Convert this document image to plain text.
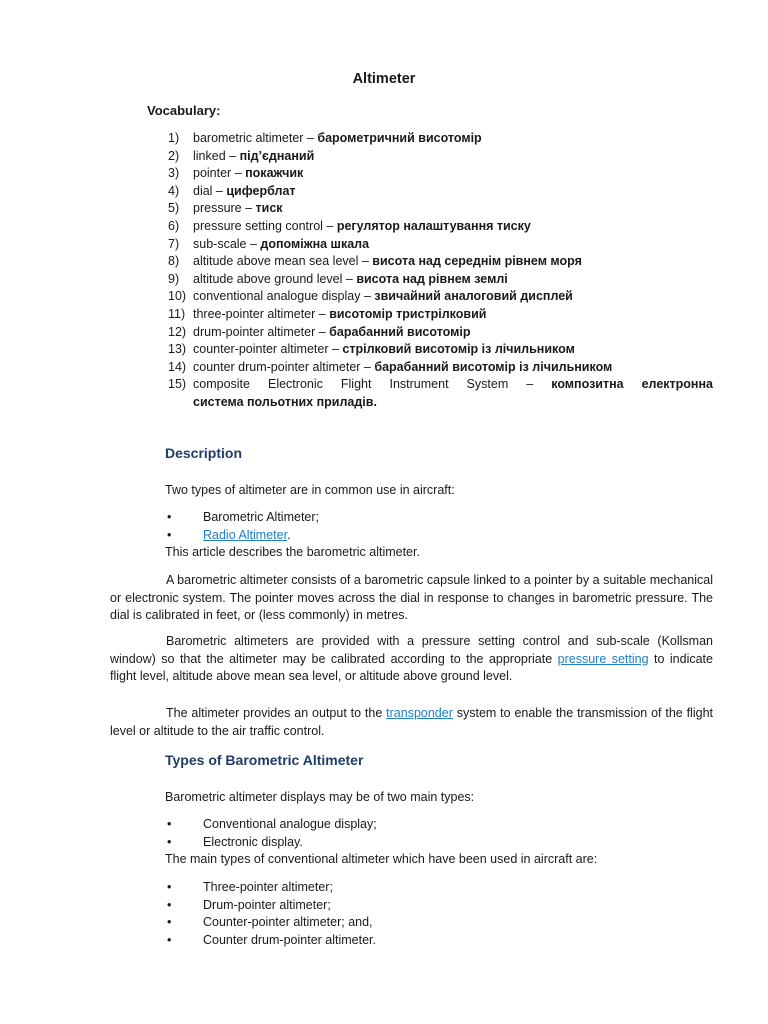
Altimeter
Vocabulary:
1)	barometric altimeter – барометричний висотомір
2)	linked – під’єднаний
3)	pointer – покажчик
4)	dial – циферблат
5)	pressure – тиск
6)	pressure setting control – регулятор налаштування тиску
7)	sub-scale – допоміжна шкала
8)	altitude above mean sea level – висота над середнім рівнем моря
9)	altitude above ground level – висота над рівнем землі
10) conventional analogue display – звичайний аналоговий дисплей
11) three-pointer altimeter – висотомір тристрілковий
12) drum-pointer altimeter – барабанний висотомір
13) counter-pointer altimeter – стрілковий висотомір із лічильником
14) counter drum-pointer altimeter – барабанний висотомір із лічильником
15) composite Electronic Flight Instrument System – композитна електронна
система польотних приладів.
Description

Two types of altimeter are in common use in aircraft:

•	Barometric Altimeter;
•	Radio Altimeter.

This article describes the barometric altimeter.

A barometric altimeter consists of a barometric capsule linked to a pointer by a suitable mechanical or electronic system. The pointer moves across the dial in response to changes in barometric pressure. The dial is calibrated in feet, or (less commonly) in metres.

Barometric altimeters are provided with a pressure setting control and sub-scale (Kollsman window) so that the altimeter may be calibrated according to the appropriate pressure setting to indicate flight level, altitude above mean sea level, or altitude above ground level.

The altimeter provides an output to the transponder system to enable the transmission of the flight level or altitude to the air traffic control.

Types of Barometric Altimeter

Barometric altimeter displays may be of two main types:

•	Conventional analogue display;
•	Electronic display.

The main types of conventional altimeter which have been used in aircraft are:

•	Three-pointer altimeter;
•	Drum-pointer altimeter;
•	Counter-pointer altimeter; and,
•	Counter drum-pointer altimeter.
